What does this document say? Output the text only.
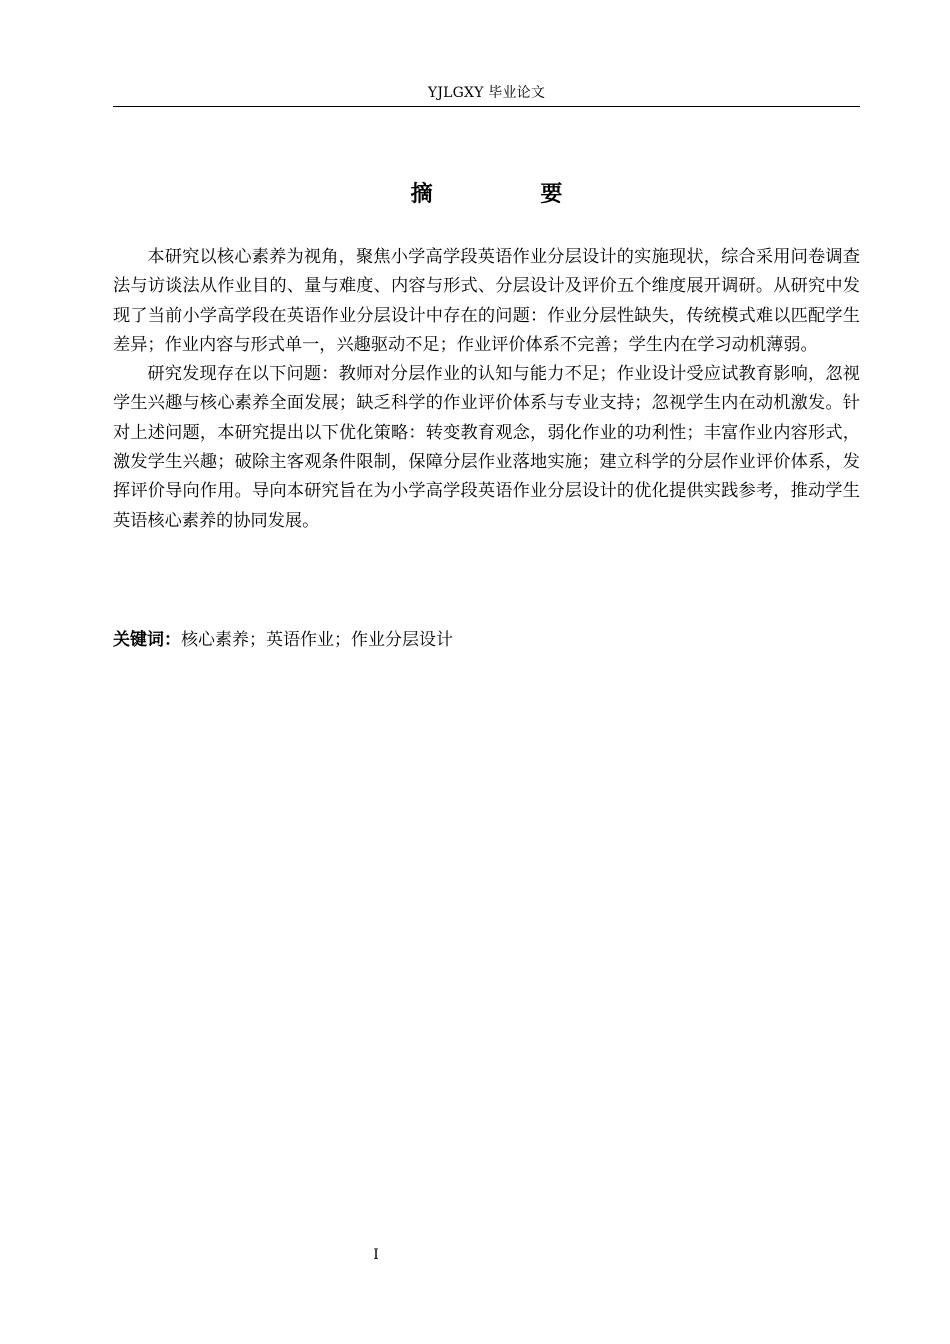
YJLGXY 毕业论文
摘 要

本研究以核心素养为视角，聚焦小学高学段英语作业分层设计的实施现状，综合采用问卷调查法与访谈法从作业目的、量与难度、内容与形式、分层设计及评价五个维度展开调研。从研究中发现了当前小学高学段在英语作业分层设计中存在的问题：作业分层性缺失，传统模式难以匹配学生差异；作业内容与形式单一，兴趣驱动不足；作业评价体系不完善；学生内在学习动机薄弱。

研究发现存在以下问题：教师对分层作业的认知与能力不足；作业设计受应试教育影响，忽视学生兴趣与核心素养全面发展；缺乏科学的作业评价体系与专业支持；忽视学生内在动机激发。针对上述问题，本研究提出以下优化策略：转变教育观念，弱化作业的功利性；丰富作业内容形式，激发学生兴趣；破除主客观条件限制，保障分层作业落地实施；建立科学的分层作业评价体系，发挥评价导向作用。导向本研究旨在为小学高学段英语作业分层设计的优化提供实践参考，推动学生英语核心素养的协同发展。

关键词：核心素养；英语作业；作业分层设计
I
